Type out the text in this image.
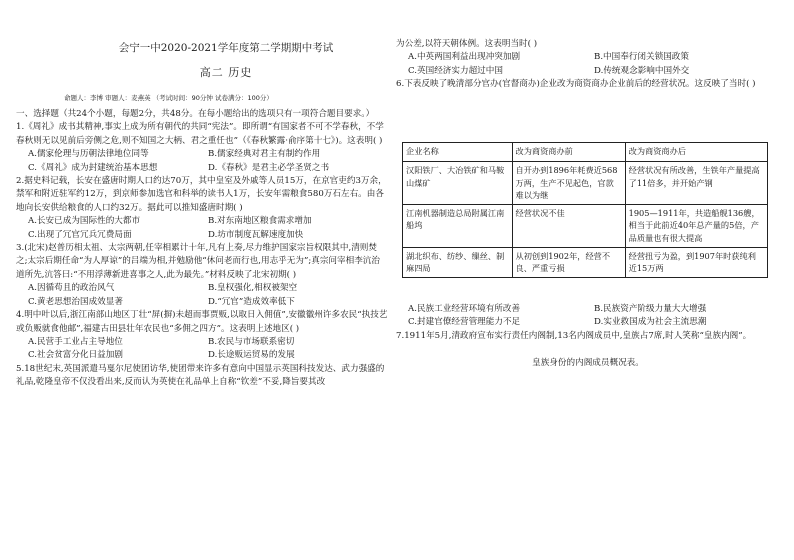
会宁一中2020-2021学年度第二学期期中考试
高二 历史
命题人：李博 审题人：麦燕英 （考试时间：90分钟 试卷满分：100分）

一、选择题（共24个小题，每题2分，共48分。在每小题给出的选项只有一项符合题目要求。）

1.《周礼》成书其精神,事实上成为所有朝代的共同“宪法”。即所谓“有国家者不可不学春秋，不学春秋则无以见前后旁侧之危,则不知国之大柄、君之重任也”（《春秋繁露·俞序第十七》)。这表明( )

A.儒家伦理与历朝法律地位同等	B.儒家经典对君主有制约作用
C.《周礼》成为封建统治基本思想	D.《春秋》是君主必学圣贤之书

2.据史料记载，长安在盛唐时期人口约达70万，其中皇室及外戚等人员15万，在京官吏约3万余，禁军和附近驻军约12万，到京师参加选官和科举的读书人1万，长安年需粮食580万石左右。由各地向长安供给粮食的人口约32万。据此可以推知盛唐时期( )

A.长安已成为国际性的大都市	B.对东南地区粮食需求增加
C.出现了冗官冗兵冗费局面	D.坊市制度瓦解速度加快

3.(北宋)赵普历相太祖、太宗两朝,任宰相累计十年,凡有上奏,尽力维护国家宗旨权限其中,清则焚之;太宗后期任命“为人厚谅”的吕端为相,并勉励他“休问老而行也,用志乎无为”;真宗问宰相李沆治道所先,沆答曰:“不用浮薄新进喜事之人,此为最先。”材料反映了北宋初期( )

A.因循苟且的政治风气	B.皇权强化,相权被架空
C.黄老思想治国成效显著	D.“冗官”造成效率低下

4.明中叶以后,浙江南部山地区丁壮“屏(摒)未超而事贾贩,以取日入佣值”,安徽徽州许多农民“执技艺或负贩就食他邮”,福建古田县壮年农民也“多佣之四方”。这表明上述地区( )

A.民营手工业占主导地位	B.农民与市场联系密切
C.社会贫富分化日益加剧	D.长途贩运贸易的发展

5.18世纪末,英国派遣马戛尔尼使团访华,使团带来许多有意向中国显示英国科技发达、武力强盛的礼品,乾隆皇帝不仅没看出来,反而认为英使在礼品单上自称“钦差”不妥,降旨要其改

为公差,以符天朝体例。这表明当时( )

A.中英两国利益出现冲突加剧	B.中国奉行闭关锁国政策
C.英国经济实力超过中国	D.传统观念影响中国外交

6.下表反映了晚清部分官办(官督商办)企业改为商资商办企业前后的经营状况。这反映了当时( )

企业名称	改为商资商办前	改为商资商办后
汉阳铁厂、大冶铁矿和马鞍山煤矿	自开办到1896年耗费近568万两，生产不见起色，官款难以为继	经营状况有所改善，生铁年产量提高了11倍多，并开始产钢
江南机器制造总局附属江南船坞	经营状况不佳	1905—1911年，共造船舰136艘，相当于此前近40年总产量的5倍，产品质量也有很大提高
湖北织布、纺纱、缫丝、制麻四局	从初创到1902年，经营不良、严重亏损	经营扭亏为盈，到1907年时获纯利近15万两
A.民族工业经营环境有所改善	B.民族资产阶级力量大大增强
C.封建官僚经营管理能力不足	D.实业救国成为社会主流思潮

7.1911年5月,清政府宣布实行责任内阁制,13名内阁成员中,皇族占7席,时人笑称“皇族内阁”。

皇族身份的内阁成员概况表。
